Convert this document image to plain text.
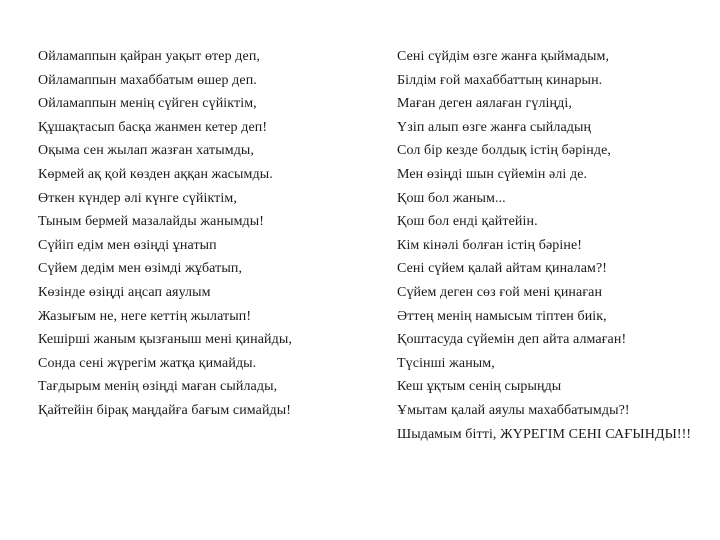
Ойламаппын қайран уақыт өтер деп,
Ойламаппын махаббатым өшер деп.
Ойламаппын менің сүйген сүйіктім,
Құшақтасып басқа жанмен кетер деп!
Оқыма сен жылап жазған хатымды,
Көрмей ақ қой көзден аққан жасымды.
Өткен күндер әлі күнге сүйіктім,
Тыным бермей мазалайды жанымды!
Сүйіп едім мен өзіңді ұнатып
Сүйем дедім мен өзімді жұбатып,
Көзінде өзіңді аңсап аяулым
Жазығым не, неге кеттің жылатып!
Кешірші жаным қызғаныш мені қинайды,
Сонда сені жүрегім жатқа қимайды.
Тағдырым менің өзіңді маған сыйлады,
Қайтейін бірақ маңдайға бағым симайды!
Сені сүйдім өзге жанға қыймадым,
Білдім ғой махаббаттың кинарын.
Маған деген аялаған гүліңді,
Үзіп алып өзге жанға сыйладың
Сол бір кезде болдық істің бәрінде,
Мен өзіңді шын сүйемін әлі де.
Қош бол жаным...
Қош бол енді қайтейін.
Кім кінәлі болған істің бәріне!
Сені сүйем қалай айтам қиналам?!
Сүйем деген сөз ғой мені қинаған
Әттең менің намысым тіптен биік,
Қоштасуда сүйемін деп айта алмаған!
Түсінші жаным,
Кеш ұқтым сенің сырыңды
Ұмытам қалай аяулы махаббатымды?!
Шыдамым бітті, ЖҮРЕГІМ СЕНІ САҒЫНДЫ!!!
